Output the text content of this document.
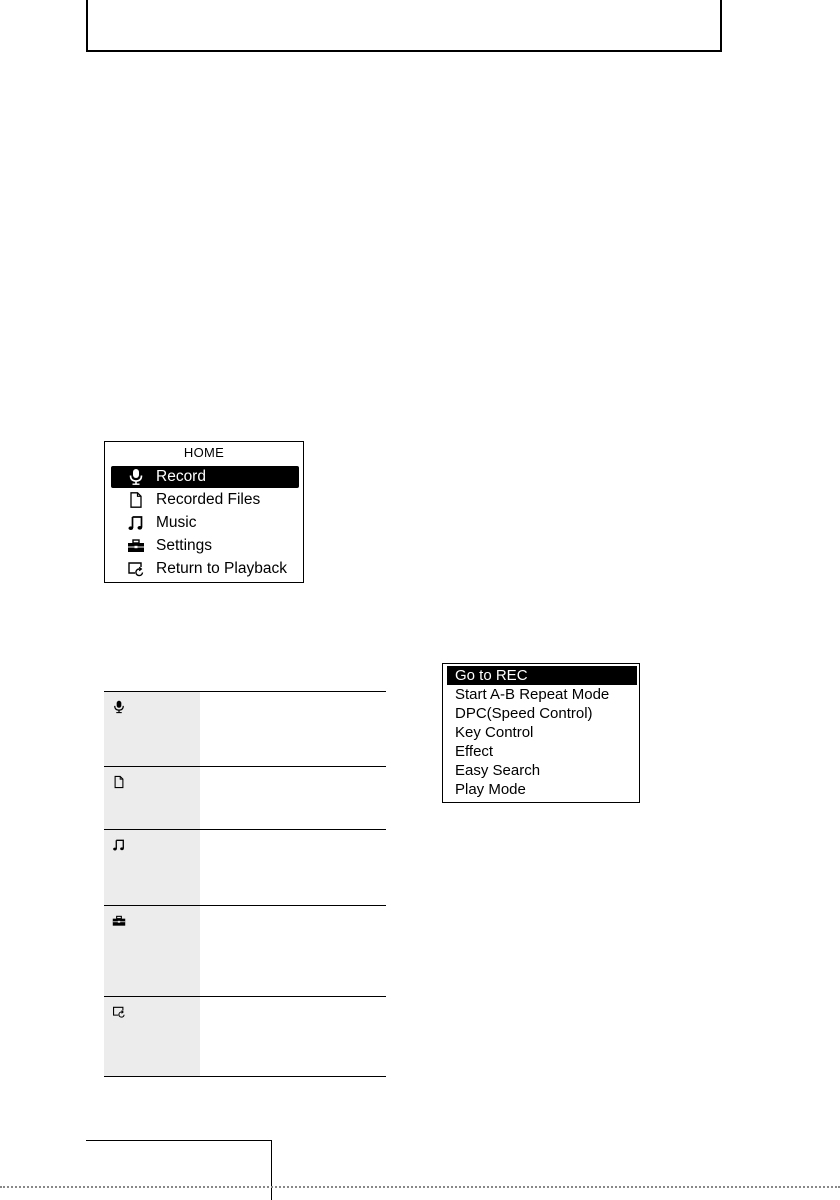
HOME
Record
Recorded Files
Music
Settings
Return to Playback
Go to REC
Start A-B Repeat Mode
DPC(Speed Control)
Key Control
Effect
Easy Search
Play Mode
